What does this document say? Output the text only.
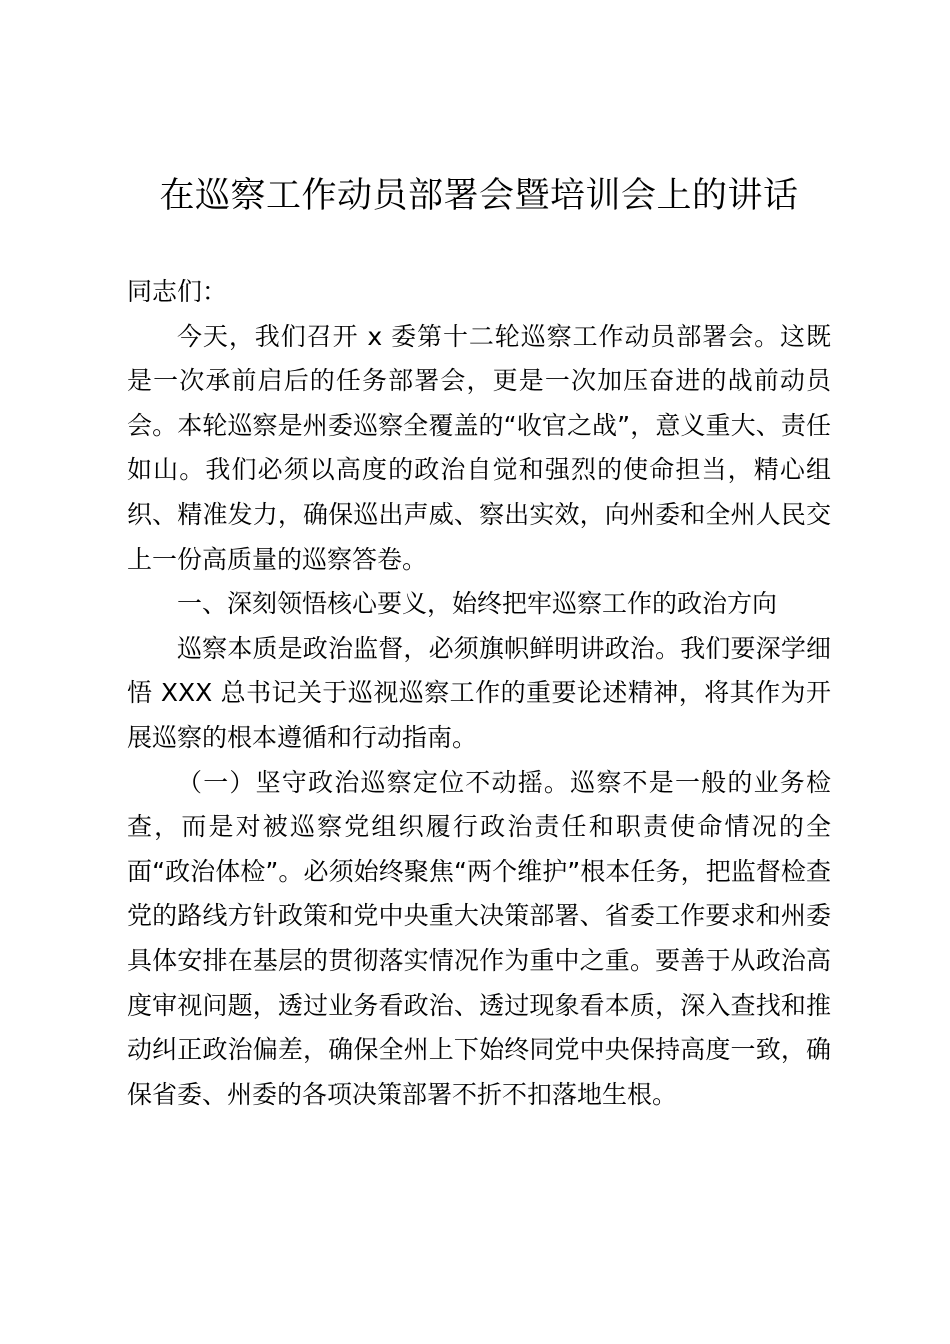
在巡察工作动员部署会暨培训会上的讲话

同志们：

今天，我们召开 x 委第十二轮巡察工作动员部署会。这既是一次承前启后的任务部署会，更是一次加压奋进的战前动员会。本轮巡察是州委巡察全覆盖的“收官之战”，意义重大、责任如山。我们必须以高度的政治自觉和强烈的使命担当，精心组织、精准发力，确保巡出声威、察出实效，向州委和全州人民交上一份高质量的巡察答卷。

一、深刻领悟核心要义，始终把牢巡察工作的政治方向

巡察本质是政治监督，必须旗帜鲜明讲政治。我们要深学细悟 XXX 总书记关于巡视巡察工作的重要论述精神，将其作为开展巡察的根本遵循和行动指南。

（一）坚守政治巡察定位不动摇。巡察不是一般的业务检查，而是对被巡察党组织履行政治责任和职责使命情况的全面“政治体检”。必须始终聚焦“两个维护”根本任务，把监督检查党的路线方针政策和党中央重大决策部署、省委工作要求和州委具体安排在基层的贯彻落实情况作为重中之重。要善于从政治高度审视问题，透过业务看政治、透过现象看本质，深入查找和推动纠正政治偏差，确保全州上下始终同党中央保持高度一致，确保省委、州委的各项决策部署不折不扣落地生根。
